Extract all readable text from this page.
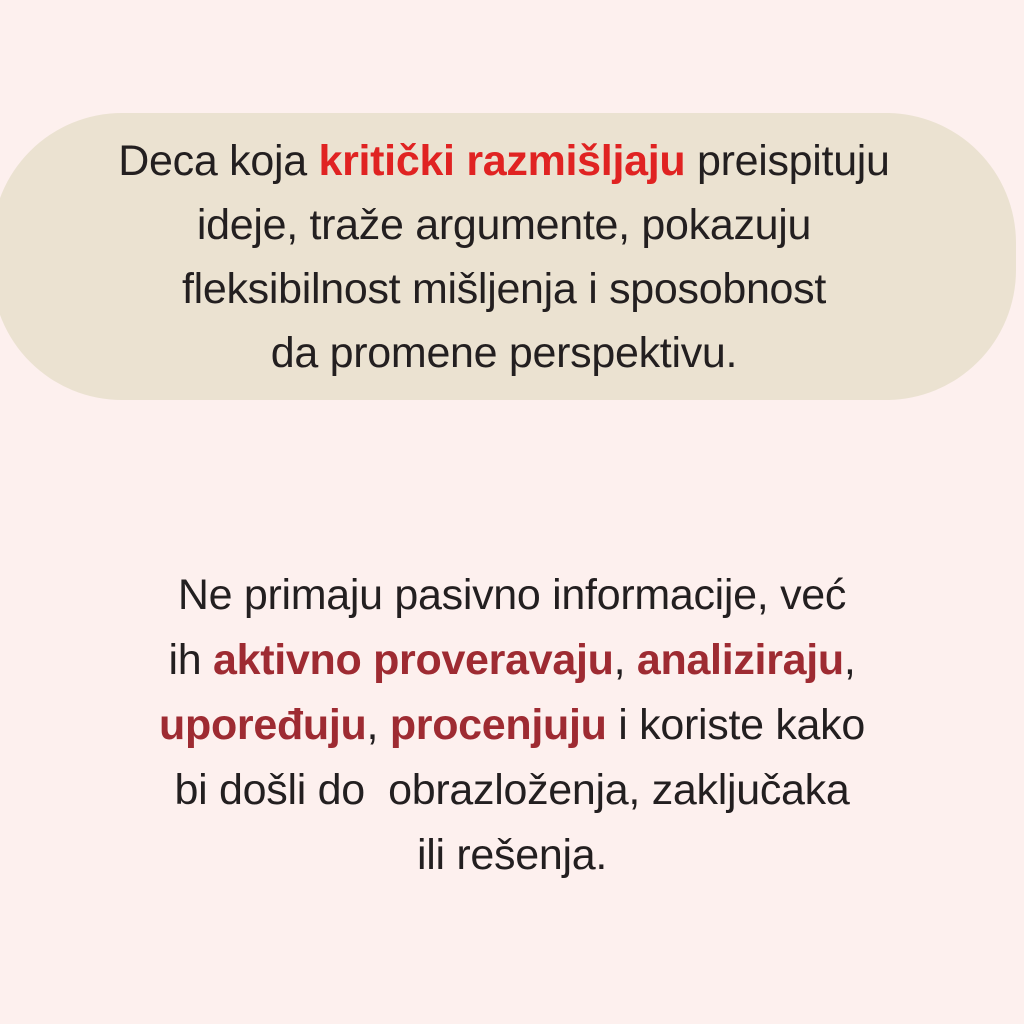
Deca koja kritički razmišljaju preispituju
ideje, traže argumente, pokazuju
fleksibilnost mišljenja i sposobnost
da promene perspektivu.
Ne primaju pasivno informacije, već
ih aktivno proveravaju, analiziraju,
upoređuju, procenjuju i koriste kako
bi došli do  obrazloženja, zaključaka
ili rešenja.
